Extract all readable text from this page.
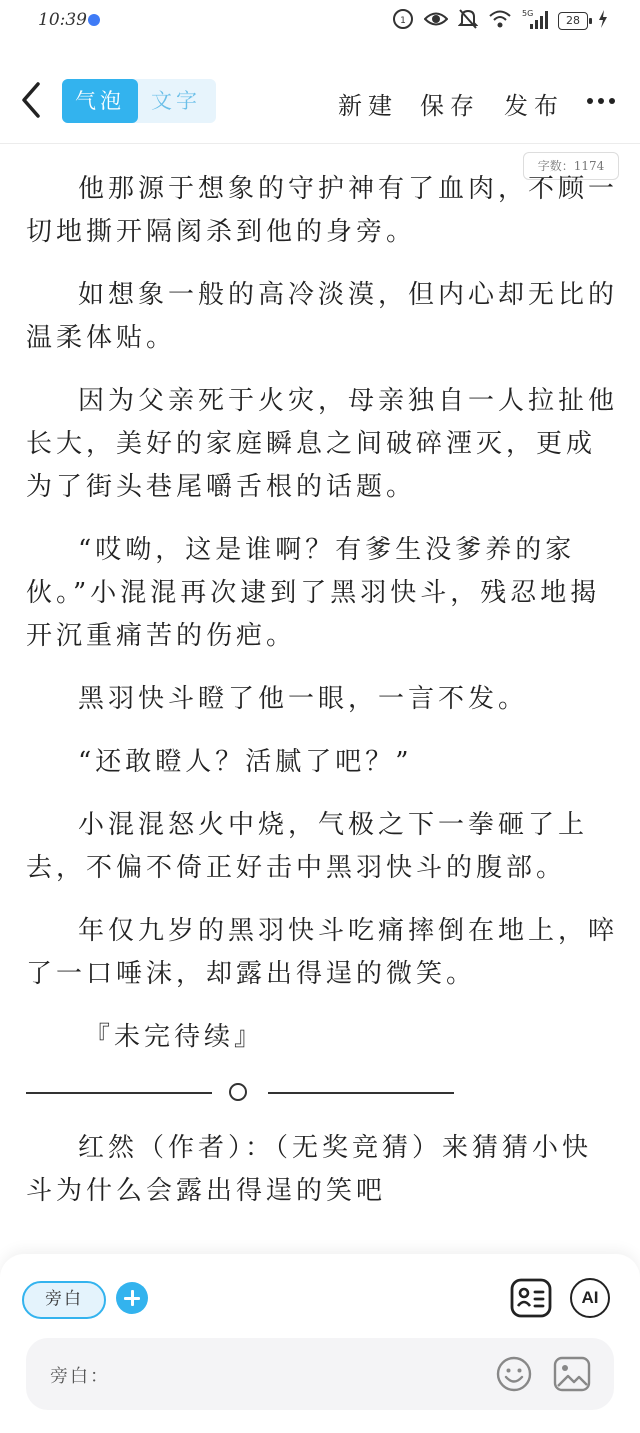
10:39	1
5G
28
气泡	文字	新建 保存 发布
字数：1174

他那源于想象的守护神有了血肉，不顾一切地撕开隔阂杀到他的身旁。

如想象一般的高冷淡漠，但内心却无比的温柔体贴。

因为父亲死于火灾，母亲独自一人拉扯他长大，美好的家庭瞬息之间破碎湮灭，更成为了街头巷尾嚼舌根的话题。

“哎呦，这是谁啊？有爹生没爹养的家伙。”小混混再次逮到了黑羽快斗，残忍地揭开沉重痛苦的伤疤。

黑羽快斗瞪了他一眼，一言不发。

“还敢瞪人？活腻了吧？”

小混混怒火中烧，气极之下一拳砸了上去，不偏不倚正好击中黑羽快斗的腹部。

年仅九岁的黑羽快斗吃痛摔倒在地上，啐了一口唾沫，却露出得逞的微笑。

『未完待续』

红然（作者）：（无奖竞猜）来猜猜小快斗为什么会露出得逞的笑吧

旁白	AI
旁白：
